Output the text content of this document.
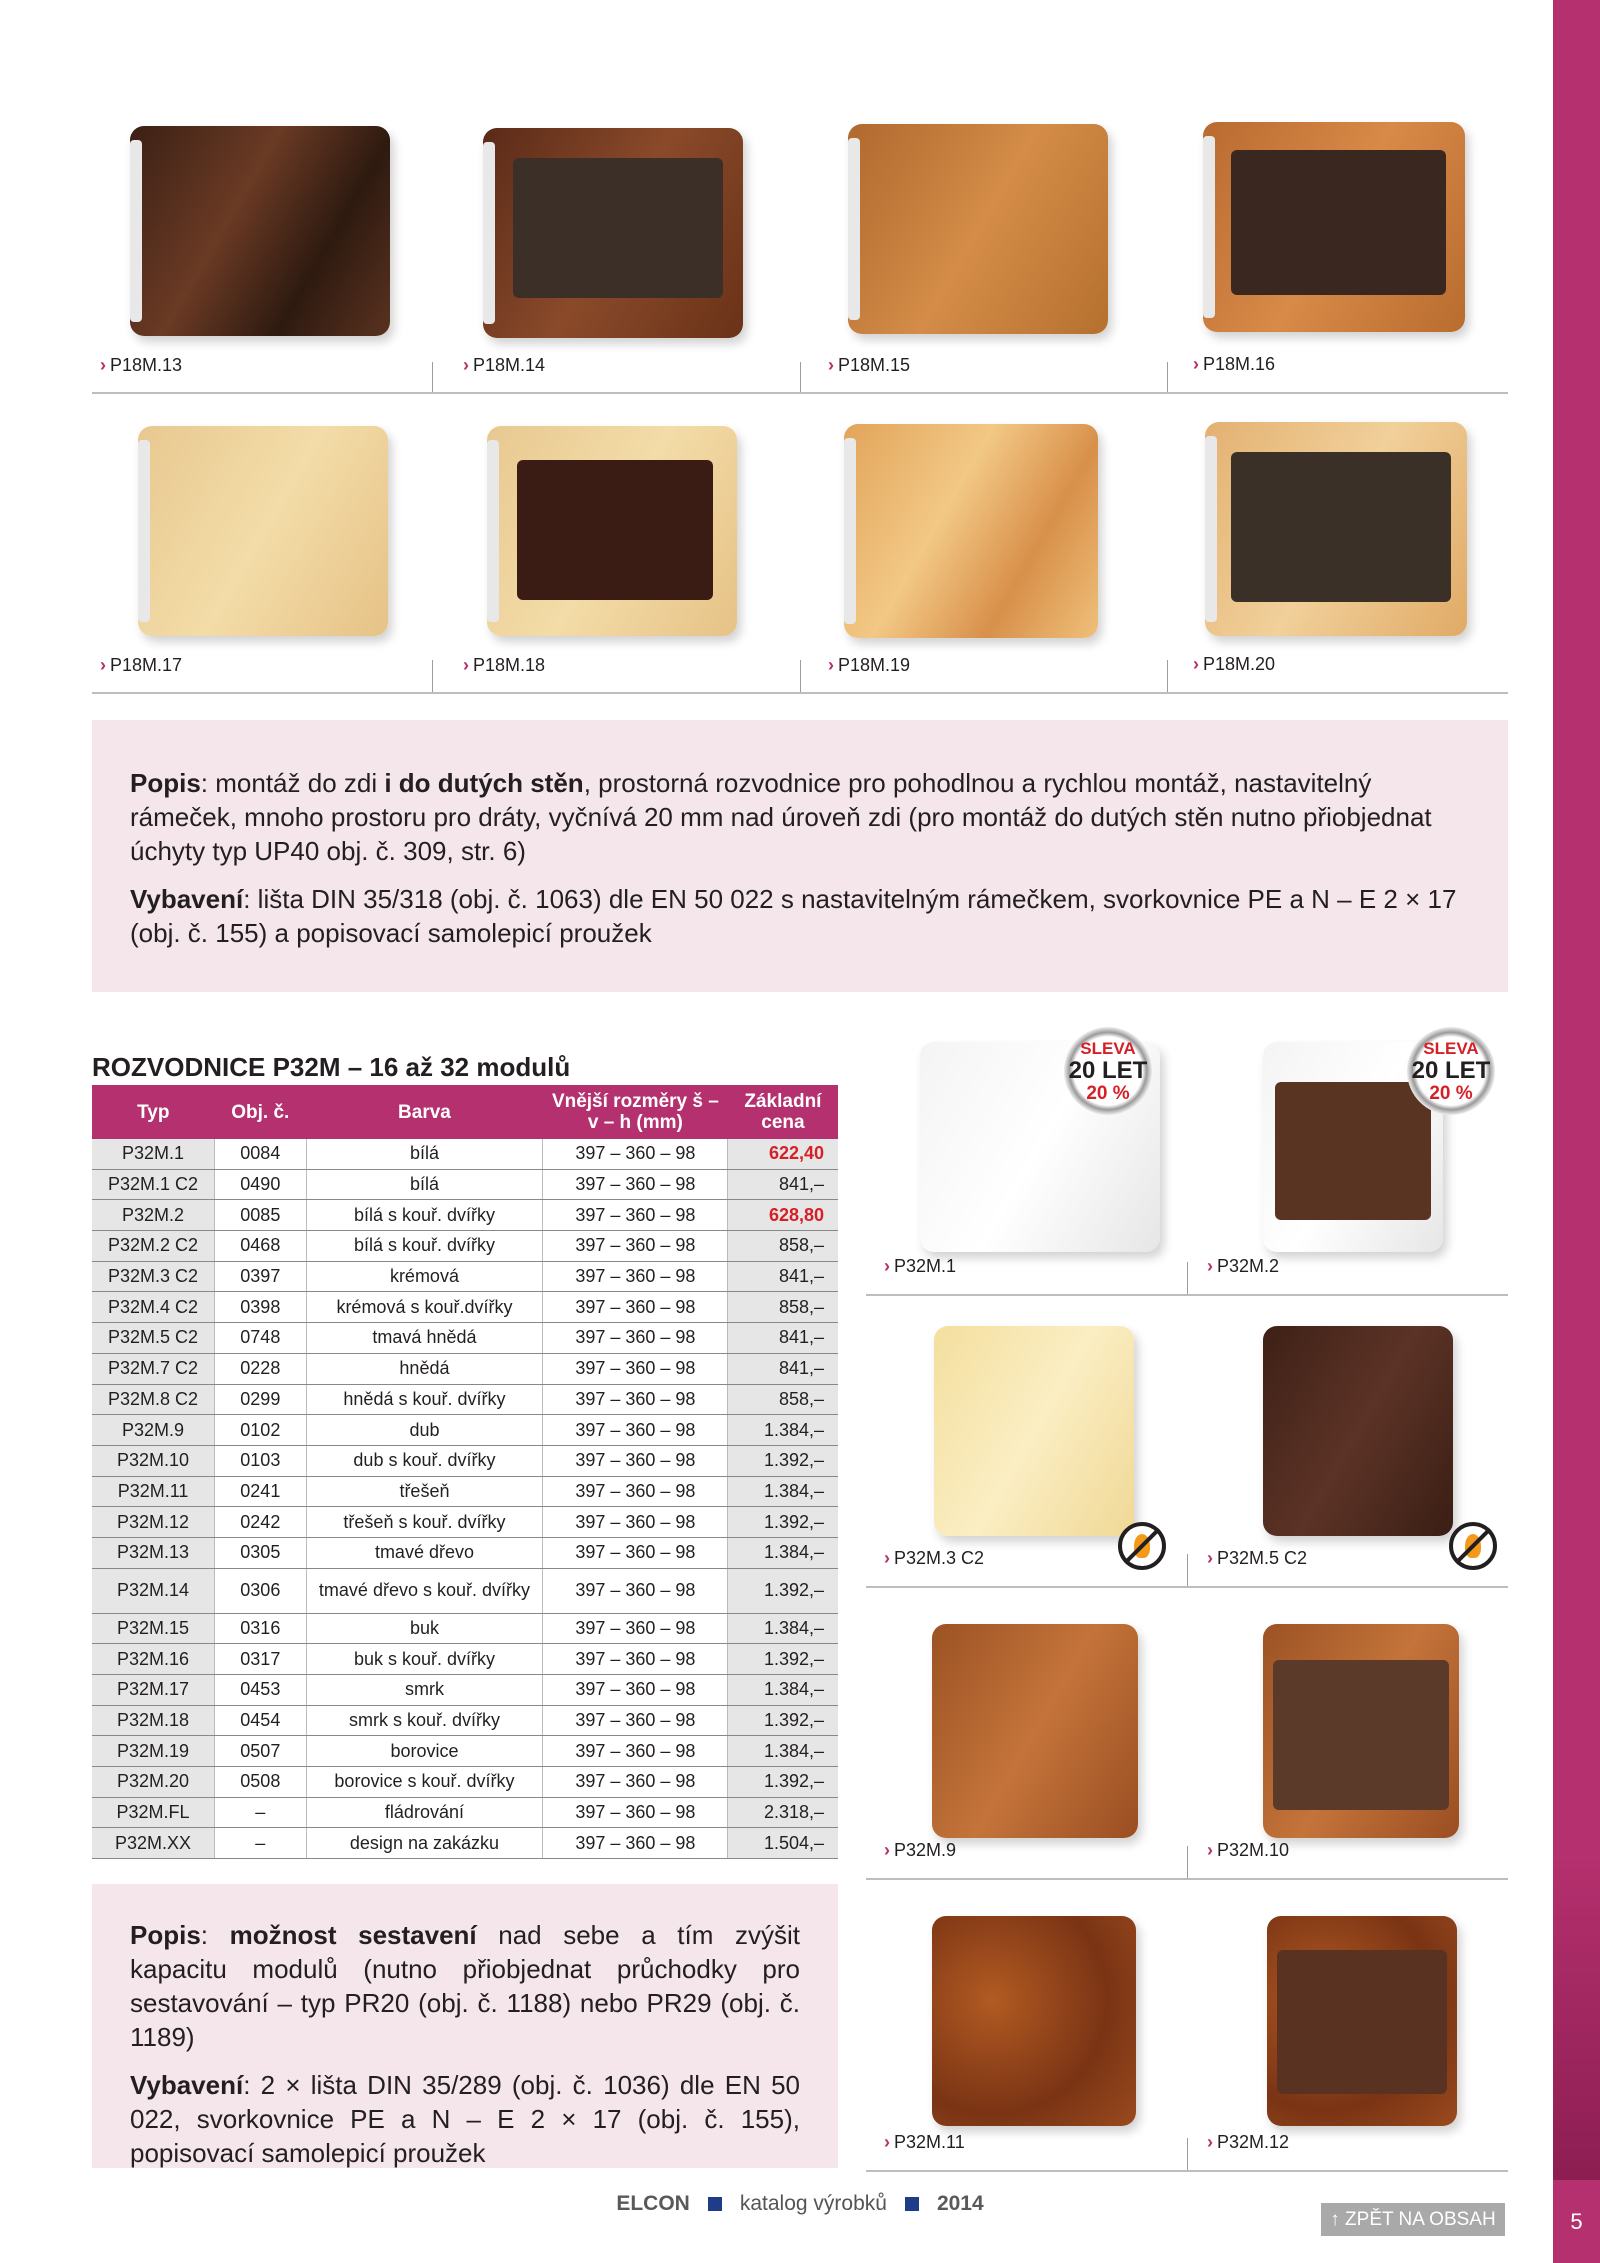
5
› P18M.13	› P18M.14	› P18M.15	› P18M.16
› P18M.17	› P18M.18	› P18M.19	› P18M.20

Popis: montáž do zdi i do dutých stěn, prostorná rozvodnice pro pohodlnou a rychlou montáž, nastavitelný rámeček, mnoho prostoru pro dráty, vyčnívá 20 mm nad úroveň zdi (pro montáž do dutých stěn nutno přiobjednat úchyty typ UP40 obj. č. 309, str. 6)

Vybavení: lišta DIN 35/318 (obj. č. 1063) dle EN 50 022 s nastavitelným rámečkem, svorkovnice PE a N – E 2 × 17 (obj. č. 155) a popisovací samolepicí proužek

ROZVODNICE P32M – 16 až 32 modulů
Typ	Obj. č.	Barva	Vnější rozměry š – v – h (mm)	Základní cena
P32M.1	0084	bílá	397 – 360 – 98	622,40
P32M.1 C2	0490	bílá	397 – 360 – 98	841,–
P32M.2	0085	bílá s kouř. dvířky	397 – 360 – 98	628,80
P32M.2 C2	0468	bílá s kouř. dvířky	397 – 360 – 98	858,–
P32M.3 C2	0397	krémová	397 – 360 – 98	841,–
P32M.4 C2	0398	krémová s kouř.dvířky	397 – 360 – 98	858,–
P32M.5 C2	0748	tmavá hnědá	397 – 360 – 98	841,–
P32M.7 C2	0228	hnědá	397 – 360 – 98	841,–
P32M.8 C2	0299	hnědá s kouř. dvířky	397 – 360 – 98	858,–
P32M.9	0102	dub	397 – 360 – 98	1.384,–
P32M.10	0103	dub s kouř. dvířky	397 – 360 – 98	1.392,–
P32M.11	0241	třešeň	397 – 360 – 98	1.384,–
P32M.12	0242	třešeň s kouř. dvířky	397 – 360 – 98	1.392,–
P32M.13	0305	tmavé dřevo	397 – 360 – 98	1.384,–
P32M.14	0306	tmavé dřevo s kouř. dvířky	397 – 360 – 98	1.392,–
P32M.15	0316	buk	397 – 360 – 98	1.384,–
P32M.16	0317	buk s kouř. dvířky	397 – 360 – 98	1.392,–
P32M.17	0453	smrk	397 – 360 – 98	1.384,–
P32M.18	0454	smrk s kouř. dvířky	397 – 360 – 98	1.392,–
P32M.19	0507	borovice	397 – 360 – 98	1.384,–
P32M.20	0508	borovice s kouř. dvířky	397 – 360 – 98	1.392,–
P32M.FL	–	fládrování	397 – 360 – 98	2.318,–
P32M.XX	–	design na zakázku	397 – 360 – 98	1.504,–

Popis: možnost sestavení nad sebe a tím zvýšit kapacitu modulů (nutno přiobjednat průchodky pro sestavování – typ PR20 (obj. č. 1188) nebo PR29 (obj. č. 1189)

Vybavení: 2 × lišta DIN 35/289 (obj. č. 1036) dle EN 50 022, svorkovnice PE a N – E 2 × 17 (obj. č. 155), popisovací samolepicí proužek

SLEVA
20 LET
20 %
› P32M.1
SLEVA
20 LET
20 %
› P32M.2
› P32M.3 C2	› P32M.5 C2
› P32M.9	› P32M.10
› P32M.11	› P32M.12
ELCON katalog výrobků 2014
↑ ZPĚT NA OBSAH
